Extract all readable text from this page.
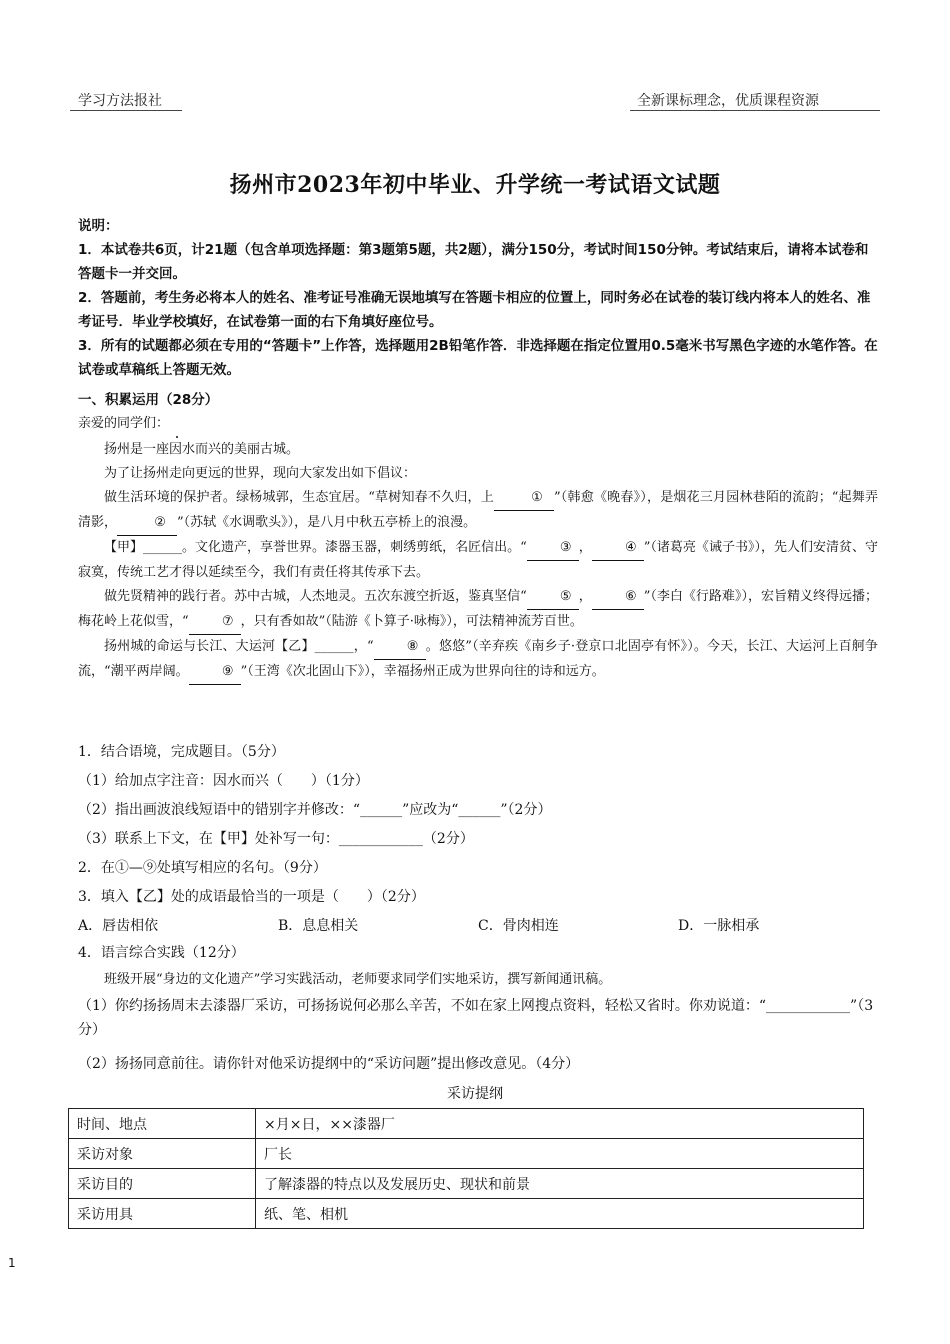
学习方法报社	全新课标理念，优质课程资源
扬州市2023年初中毕业、升学统一考试语文试题
说明：
1．本试卷共6页，计21题（包含单项选择题：第3题第5题，共2题），满分150分，考试时间150分钟。考试结束后，请将本试卷和答题卡一并交回。
2．答题前，考生务必将本人的姓名、准考证号准确无误地填写在答题卡相应的位置上，同时务必在试卷的装订线内将本人的姓名、准考证号．毕业学校填好，在试卷第一面的右下角填好座位号。
3．所有的试题都必须在专用的“答题卡”上作答，选择题用2B铅笔作答．非选择题在指定位置用0.5毫米书写黑色字迹的水笔作答。在试卷或草稿纸上答题无效。
一、积累运用（28分）
亲爱的同学们：
扬州是一座因水而兴的美丽古城。
为了让扬州走向更远的世界，现向大家发出如下倡议：
做生活环境的保护者。绿杨城郭，生态宜居。“草树知春不久归，上	① ”（韩愈《晚春》），是烟花三月园林巷陌的流韵；“起舞弄清影，	② ”（苏轼《水调歌头》），是八月中秋五亭桥上的浪漫。
【甲】______。文化遗产，享誉世界。漆器玉器，刺绣剪纸，名匠信出。“	③ ，	④ ”（诸葛亮《诫子书》），先人们安清贫、守寂寞，传统工艺才得以延续至今，我们有责任将其传承下去。
做先贤精神的践行者。苏中古城，人杰地灵。五次东渡空折返，鉴真坚信“	⑤ ，	⑥ ”（李白《行路难》），宏旨精义终得远播；梅花岭上花似雪，“	⑦ ，只有香如故”（陆游《卜算子·咏梅》），可法精神流芳百世。
扬州城的命运与长江、大运河【乙】______，“	⑧ 。悠悠”（辛弃疾《南乡子·登京口北固亭有怀》）。今天，长江、大运河上百舸争流，“潮平两岸阔。	⑨ ”（王湾《次北固山下》），幸福扬州正成为世界向往的诗和远方。
1．结合语境，完成题目。（5分）
（1）给加点字注音：因水而兴（　　）（1分）
（2）指出画波浪线短语中的错别字并修改：“______”应改为“______”（2分）
（3）联系上下文，在【甲】处补写一句：____________（2分）
2．在①—⑨处填写相应的名句。（9分）
3．填入【乙】处的成语最恰当的一项是（　　）（2分）
A．唇齿相依	B．息息相关	C．骨肉相连	D．一脉相承
4．语言综合实践（12分）
班级开展“身边的文化遗产”学习实践活动，老师要求同学们实地采访，撰写新闻通讯稿。
（1）你约扬扬周末去漆器厂采访，可扬扬说何必那么辛苦，不如在家上网搜点资料，轻松又省时。你劝说道：“____________”（3分）
（2）扬扬同意前往。请你针对他采访提纲中的“采访问题”提出修改意见。（4分）
采访提纲
时间、地点	×月×日，××漆器厂
采访对象	厂长
采访目的	了解漆器的特点以及发展历史、现状和前景
采访用具	纸、笔、相机
1
